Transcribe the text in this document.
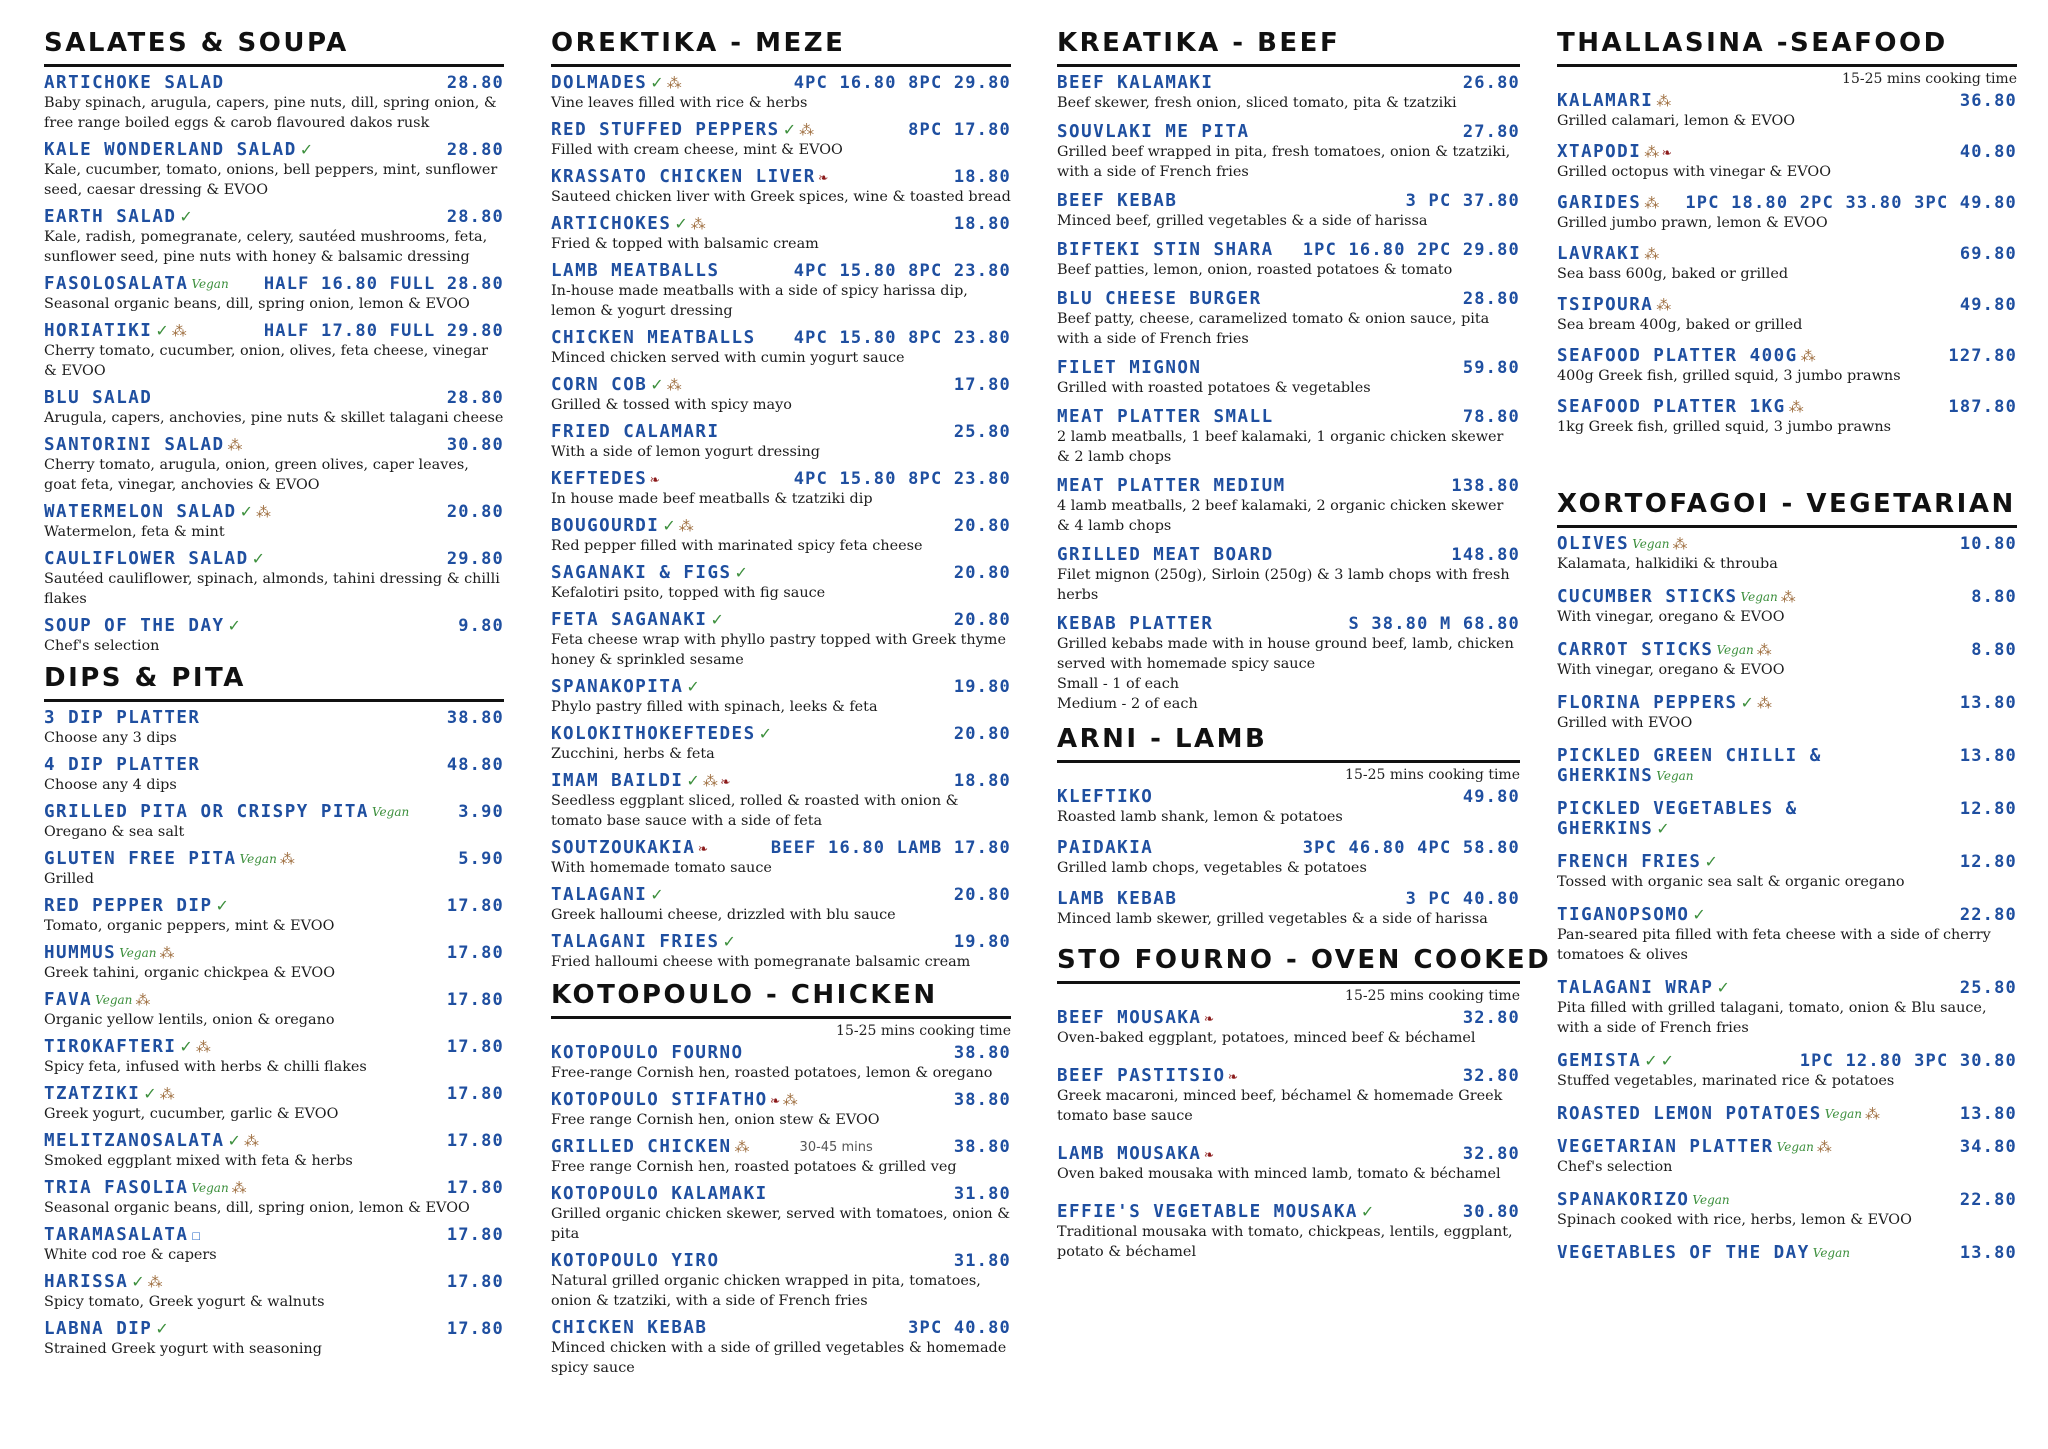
SALATES & SOUPA
ARTICHOKE SALAD	28.80
Baby spinach, arugula, capers, pine nuts, dill, spring onion, & free range boiled eggs & carob flavoured dakos rusk
KALE WONDERLAND SALAD ✓	28.80
Kale, cucumber, tomato, onions, bell peppers, mint, sunflower seed, caesar dressing & EVOO
EARTH SALAD ✓	28.80
Kale, radish, pomegranate, celery, sautéed mushrooms, feta, sunflower seed, pine nuts with honey & balsamic dressing
FASOLOSALATA Vegan HALF 16.80 FULL 28.80
Seasonal organic beans, dill, spring onion, lemon & EVOO
HORIATIKI ✓ ⁂	HALF 17.80 FULL 29.80
Cherry tomato, cucumber, onion, olives, feta cheese, vinegar & EVOO
BLU SALAD	28.80
Arugula, capers, anchovies, pine nuts & skillet talagani cheese
SANTORINI SALAD ⁂	30.80
Cherry tomato, arugula, onion, green olives, caper leaves, goat feta, vinegar, anchovies & EVOO
WATERMELON SALAD ✓ ⁂	20.80
Watermelon, feta & mint
CAULIFLOWER SALAD ✓	29.80
Sautéed cauliflower, spinach, almonds, tahini dressing & chilli flakes
SOUP OF THE DAY ✓	9.80
Chef's selection
DIPS & PITA
3 DIP PLATTER	38.80
Choose any 3 dips
4 DIP PLATTER	48.80
Choose any 4 dips
GRILLED PITA OR CRISPY PITA Vegan	3.90
Oregano & sea salt
GLUTEN FREE PITA Vegan ⁂	5.90
Grilled
RED PEPPER DIP ✓	17.80
Tomato, organic peppers, mint & EVOO
HUMMUS Vegan ⁂	17.80
Greek tahini, organic chickpea & EVOO
FAVA Vegan ⁂	17.80
Organic yellow lentils, onion & oregano
TIROKAFTERI ✓ ⁂	17.80
Spicy feta, infused with herbs & chilli flakes
TZATZIKI ✓ ⁂	17.80
Greek yogurt, cucumber, garlic & EVOO
MELITZANOSALATA ✓ ⁂	17.80
Smoked eggplant mixed with feta & herbs
TRIA FASOLIA Vegan ⁂	17.80
Seasonal organic beans, dill, spring onion, lemon & EVOO
TARAMASALATA ☐	17.80
White cod roe & capers
HARISSA ✓ ⁂	17.80
Spicy tomato, Greek yogurt & walnuts
LABNA DIP ✓	17.80
Strained Greek yogurt with seasoning
OREKTIKA - MEZE
DOLMADES ✓ ⁂	4PC 16.80 8PC 29.80
Vine leaves filled with rice & herbs
RED STUFFED PEPPERS ✓ ⁂	8PC 17.80
Filled with cream cheese, mint & EVOO
KRASSATO CHICKEN LIVER ❧	18.80
Sauteed chicken liver with Greek spices, wine & toasted bread
ARTICHOKES ✓ ⁂	18.80
Fried & topped with balsamic cream
LAMB MEATBALLS	4PC 15.80 8PC 23.80
In-house made meatballs with a side of spicy harissa dip, lemon & yogurt dressing
CHICKEN MEATBALLS 4PC 15.80 8PC 23.80
Minced chicken served with cumin yogurt sauce
CORN COB ✓ ⁂	17.80
Grilled & tossed with spicy mayo
FRIED CALAMARI	25.80
With a side of lemon yogurt dressing
KEFTEDES ❧	4PC 15.80 8PC 23.80
In house made beef meatballs & tzatziki dip
BOUGOURDI ✓ ⁂	20.80
Red pepper filled with marinated spicy feta cheese
SAGANAKI & FIGS ✓	20.80
Kefalotiri psito, topped with fig sauce
FETA SAGANAKI ✓	20.80
Feta cheese wrap with phyllo pastry topped with Greek thyme honey & sprinkled sesame
SPANAKOPITA ✓	19.80
Phylo pastry filled with spinach, leeks & feta
KOLOKITHOKEFTEDES ✓	20.80
Zucchini, herbs & feta
IMAM BAILDI ✓ ⁂ ❧	18.80
Seedless eggplant sliced, rolled & roasted with onion & tomato base sauce with a side of feta
SOUTZOUKAKIA ❧	BEEF 16.80 LAMB 17.80
With homemade tomato sauce
TALAGANI ✓	20.80
Greek halloumi cheese, drizzled with blu sauce
TALAGANI FRIES ✓	19.80
Fried halloumi cheese with pomegranate balsamic cream
KOTOPOULO - CHICKEN
15-25 mins cooking time
KOTOPOULO FOURNO	38.80
Free-range Cornish hen, roasted potatoes, lemon & oregano
KOTOPOULO STIFATHO ❧ ⁂	38.80
Free range Cornish hen, onion stew & EVOO
GRILLED CHICKEN ⁂	30-45 mins	38.80
Free range Cornish hen, roasted potatoes & grilled veg
KOTOPOULO KALAMAKI	31.80
Grilled organic chicken skewer, served with tomatoes, onion & pita
KOTOPOULO YIRO	31.80
Natural grilled organic chicken wrapped in pita, tomatoes, onion & tzatziki, with a side of French fries
CHICKEN KEBAB	3PC 40.80
Minced chicken with a side of grilled vegetables & homemade spicy sauce
KREATIKA - BEEF
BEEF KALAMAKI	26.80
Beef skewer, fresh onion, sliced tomato, pita & tzatziki
SOUVLAKI ME PITA	27.80
Grilled beef wrapped in pita, fresh tomatoes, onion & tzatziki, with a side of French fries
BEEF KEBAB	3 PC 37.80
Minced beef, grilled vegetables & a side of harissa
BIFTEKI STIN SHARA 1PC 16.80 2PC 29.80
Beef patties, lemon, onion, roasted potatoes & tomato
BLU CHEESE BURGER	28.80
Beef patty, cheese, caramelized tomato & onion sauce, pita with a side of French fries
FILET MIGNON	59.80
Grilled with roasted potatoes & vegetables
MEAT PLATTER SMALL	78.80
2 lamb meatballs, 1 beef kalamaki, 1 organic chicken skewer & 2 lamb chops
MEAT PLATTER MEDIUM	138.80
4 lamb meatballs, 2 beef kalamaki, 2 organic chicken skewer & 4 lamb chops
GRILLED MEAT BOARD	148.80
Filet mignon (250g), Sirloin (250g) & 3 lamb chops with fresh herbs
KEBAB PLATTER	S 38.80 M 68.80
Grilled kebabs made with in house ground beef, lamb, chicken served with homemade spicy sauce
Small - 1 of each
Medium - 2 of each
ARNI - LAMB
15-25 mins cooking time
KLEFTIKO	49.80
Roasted lamb shank, lemon & potatoes
PAIDAKIA	3PC 46.80 4PC 58.80
Grilled lamb chops, vegetables & potatoes
LAMB KEBAB	3 PC 40.80
Minced lamb skewer, grilled vegetables & a side of harissa
STO FOURNO - OVEN COOKED
15-25 mins cooking time
BEEF MOUSAKA ❧	32.80
Oven-baked eggplant, potatoes, minced beef & béchamel
BEEF PASTITSIO ❧	32.80
Greek macaroni, minced beef, béchamel & homemade Greek tomato base sauce
LAMB MOUSAKA ❧	32.80
Oven baked mousaka with minced lamb, tomato & béchamel
EFFIE'S VEGETABLE MOUSAKA ✓	30.80
Traditional mousaka with tomato, chickpeas, lentils, eggplant, potato & béchamel
THALLASINA -SEAFOOD
15-25 mins cooking time
KALAMARI ⁂	36.80
Grilled calamari, lemon & EVOO
XTAPODI ⁂ ❧	40.80
Grilled octopus with vinegar & EVOO
GARIDES ⁂ 1PC 18.80 2PC 33.80 3PC 49.80
Grilled jumbo prawn, lemon & EVOO
LAVRAKI ⁂	69.80
Sea bass 600g, baked or grilled
TSIPOURA ⁂	49.80
Sea bream 400g, baked or grilled
SEAFOOD PLATTER 400G ⁂	127.80
400g Greek fish, grilled squid, 3 jumbo prawns
SEAFOOD PLATTER 1KG ⁂	187.80
1kg Greek fish, grilled squid, 3 jumbo prawns
XORTOFAGOI - VEGETARIAN
OLIVES Vegan ⁂	10.80
Kalamata, halkidiki & throuba
CUCUMBER STICKS Vegan ⁂	8.80
With vinegar, oregano & EVOO
CARROT STICKS Vegan ⁂	8.80
With vinegar, oregano & EVOO
FLORINA PEPPERS ✓ ⁂	13.80
Grilled with EVOO
PICKLED GREEN CHILLI &	13.80
GHERKINS Vegan
PICKLED VEGETABLES &	12.80
GHERKINS ✓
FRENCH FRIES ✓	12.80
Tossed with organic sea salt & organic oregano
TIGANOPSOMO ✓	22.80
Pan-seared pita filled with feta cheese with a side of cherry tomatoes & olives
TALAGANI WRAP ✓	25.80
Pita filled with grilled talagani, tomato, onion & Blu sauce, with a side of French fries
GEMISTA ✓ ✓	1PC 12.80 3PC 30.80
Stuffed vegetables, marinated rice & potatoes
ROASTED LEMON POTATOES Vegan ⁂	13.80
VEGETARIAN PLATTER Vegan ⁂	34.80
Chef's selection
SPANAKORIZO Vegan	22.80
Spinach cooked with rice, herbs, lemon & EVOO
VEGETABLES OF THE DAY Vegan	13.80
